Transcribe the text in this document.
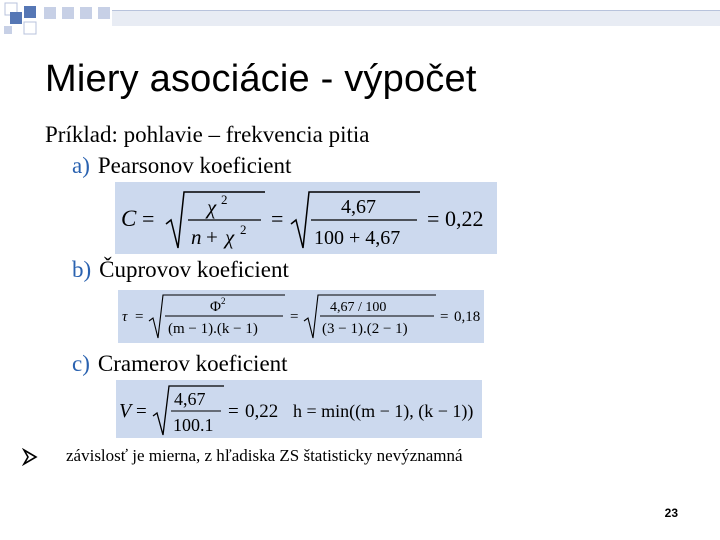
Miery asociácie - výpočet
Príklad: pohlavie – frekvencia pitia
a) Pearsonov koeficient
C =	χ 2
n + χ 2 =	4,67
100 + 4,67
= 0,22
b) Čuprovov koeficient
τ =
Φ 2
(m − 1).(k − 1)
=
4,67 / 100
(3 − 1).(2 − 1)
= 0,18
c) Cramerov koeficient
V =
4,67
100.1
= 0,22 h = min((m − 1), (k − 1))
závislosť je mierna, z hľadiska ZS štatisticky nevýznamná
23
